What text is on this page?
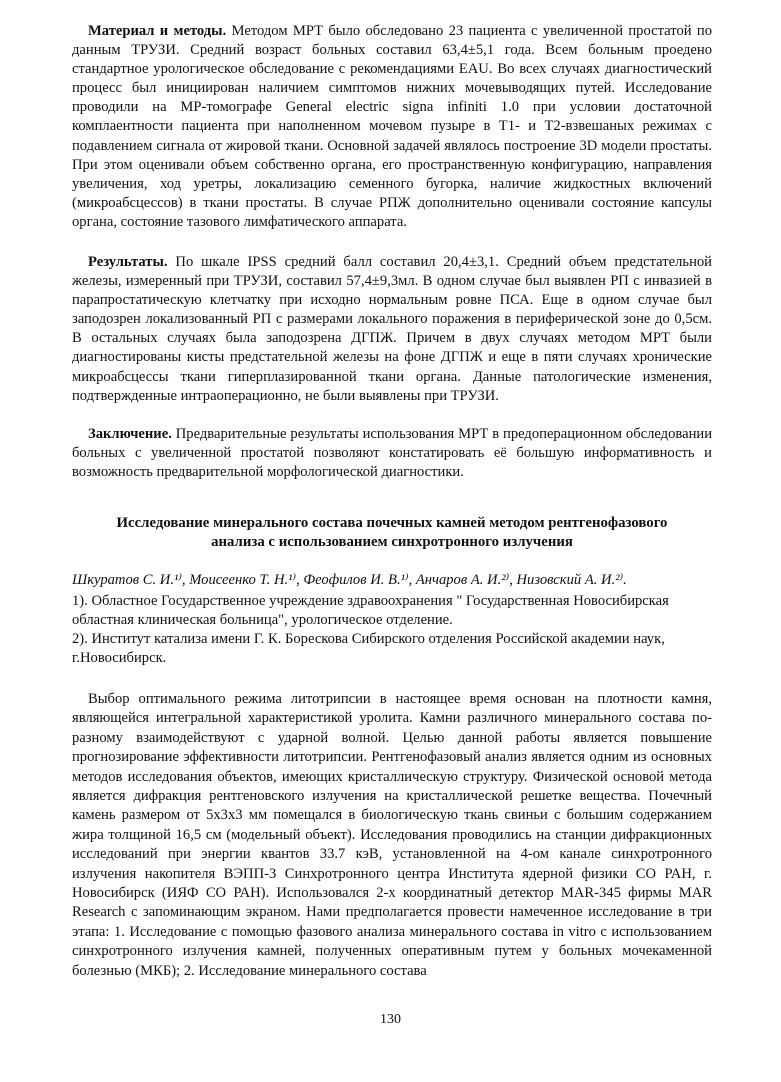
Материал и методы. Методом МРТ было обследовано 23 пациента с увеличенной простатой по данным ТРУЗИ. Средний возраст больных составил 63,4±5,1 года. Всем больным проедено стандартное урологическое обследование с рекомендациями EAU. Во всех случаях диагностический процесс был инициирован наличием симптомов нижних мочевыводящих путей. Исследование проводили на МР-томографе General electric signa infiniti 1.0 при условии достаточной комплаентности пациента при наполненном мочевом пузыре в T1- и T2-взвешаных режимах с подавлением сигнала от жировой ткани. Основной задачей являлось построение 3D модели простаты. При этом оценивали объем собственно органа, его пространственную конфигурацию, направления увеличения, ход уретры, локализацию семенного бугорка, наличие жидкостных включений (микроабсцессов) в ткани простаты. В случае РПЖ дополнительно оценивали состояние капсулы органа, состояние тазового лимфатического аппарата.

Результаты. По шкале IPSS средний балл составил 20,4±3,1. Средний объем предстательной железы, измеренный при ТРУЗИ, составил 57,4±9,3мл. В одном случае был выявлен РП с инвазией в парапростатическую клетчатку при исходно нормальным ровне ПСА. Еще в одном случае был заподозрен локализованный РП с размерами локального поражения в периферической зоне до 0,5см. В остальных случаях была заподозрена ДГПЖ. Причем в двух случаях методом МРТ были диагностированы кисты предстательной железы на фоне ДГПЖ и еще в пяти случаях хронические микроабсцессы ткани гиперплазированной ткани органа. Данные патологические изменения, подтвержденные интраоперационно, не были выявлены при ТРУЗИ.

Заключение. Предварительные результаты использования МРТ в предоперационном обследовании больных с увеличенной простатой позволяют констатировать её большую информативность и возможность предварительной морфологической диагностики.

Исследование минерального состава почечных камней методом рентгенофазового
анализа с использованием синхротронного излучения

Шкуратов С. И.¹⁾, Моисеенко Т. Н.¹⁾, Феофилов И. В.¹⁾, Анчаров А. И.²⁾, Низовский А. И.²⁾.

1). Областное Государственное учреждение здравоохранения " Государственная Новосибирская областная клиническая больница", урологическое отделение.

2). Институт катализа имени Г. К. Борескова Сибирского отделения Российской академии наук, г.Новосибирск.

Выбор оптимального режима литотрипсии в настоящее время основан на плотности камня, являющейся интегральной характеристикой уролита. Камни различного минерального состава по-разному взаимодействуют с ударной волной. Целью данной работы является повышение прогнозирование эффективности литотрипсии. Рентгенофазовый анализ является одним из основных методов исследования объектов, имеющих кристаллическую структуру. Физической основой метода является дифракция рентгеновского излучения на кристаллической решетке вещества. Почечный камень размером от 5x3x3 мм помещался в биологическую ткань свиньи с большим содержанием жира толщиной 16,5 см (модельный объект). Исследования проводились на станции дифракционных исследований при энергии квантов 33.7 кэВ, установленной на 4-ом канале синхротронного излучения накопителя ВЭПП-3 Синхротронного центра Института ядерной физики СО РАН, г. Новосибирск (ИЯФ СО РАН). Использовался 2-х координатный детектор MAR-345 фирмы MAR Research с запоминающим экраном. Нами предполагается провести намеченное исследование в три этапа: 1. Исследование с помощью фазового анализа минерального состава in vitro с использованием синхротронного излучения камней, полученных оперативным путем у больных мочекаменной болезнью (МКБ); 2. Исследование минерального состава

130
